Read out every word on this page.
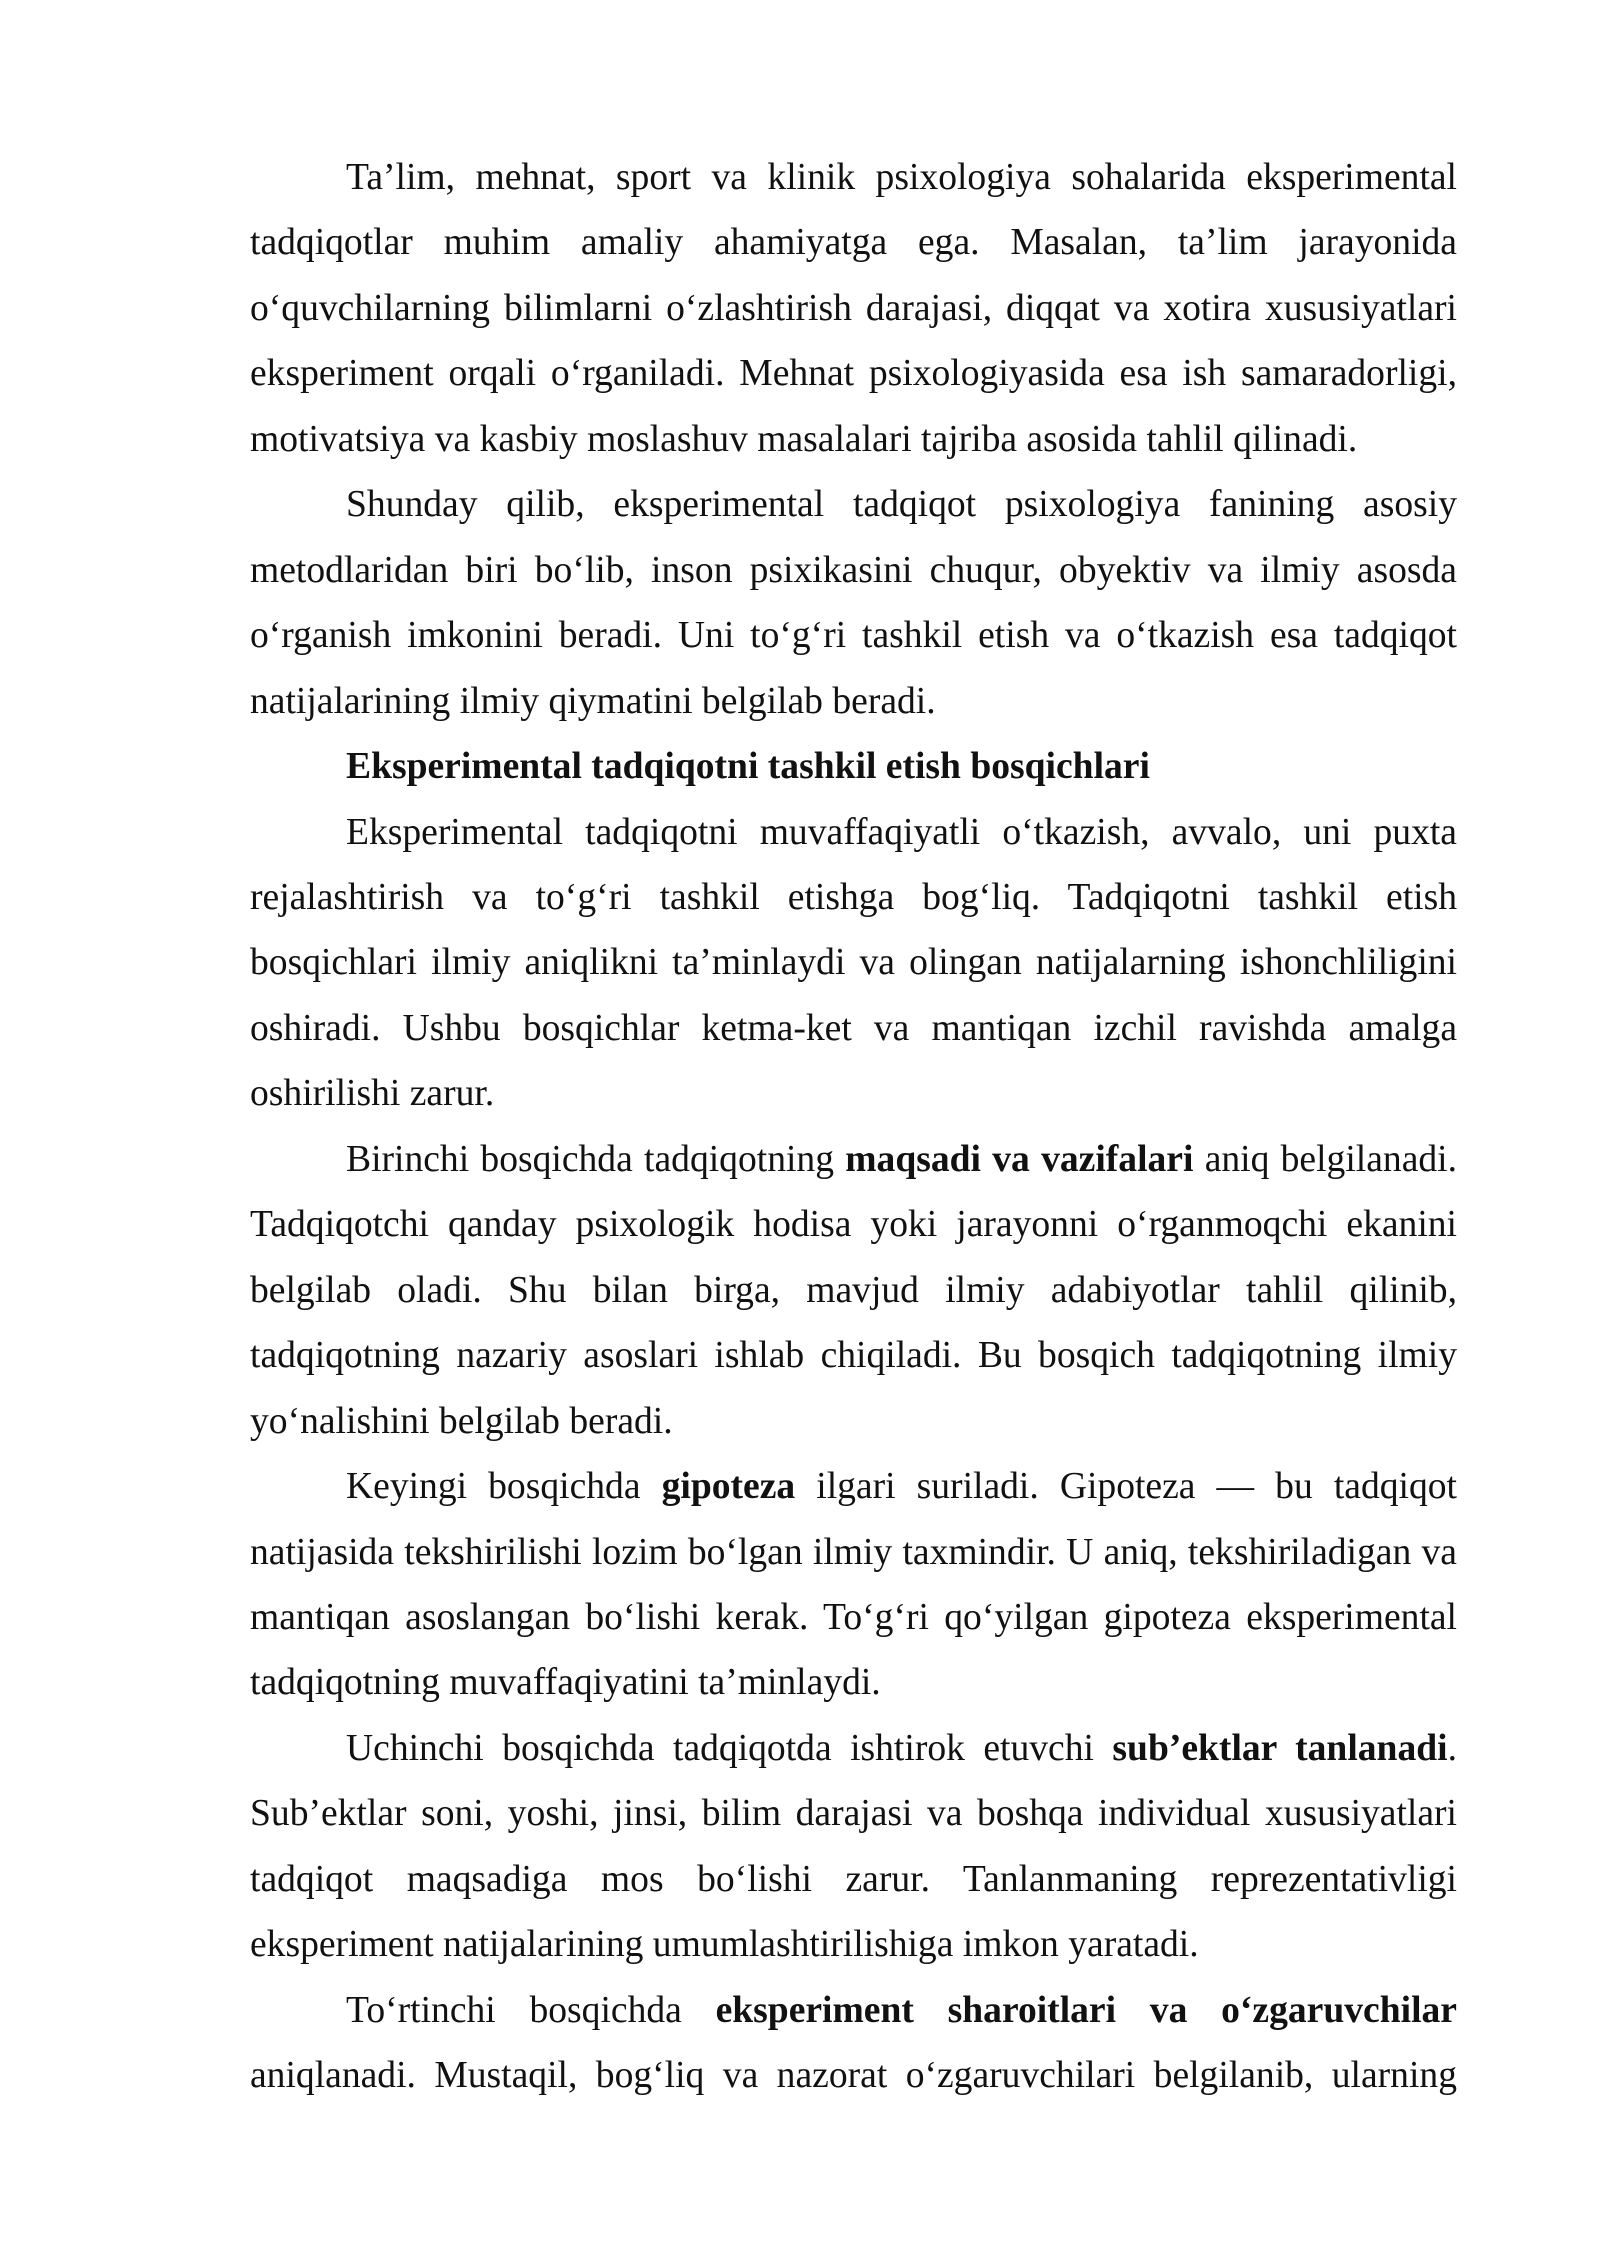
Ta’lim, mehnat, sport va klinik psixologiya sohalarida eksperimental
tadqiqotlar muhim amaliy ahamiyatga ega. Masalan, ta’lim jarayonida
o‘quvchilarning bilimlarni o‘zlashtirish darajasi, diqqat va xotira xususiyatlari
eksperiment orqali o‘rganiladi. Mehnat psixologiyasida esa ish samaradorligi,
motivatsiya va kasbiy moslashuv masalalari tajriba asosida tahlil qilinadi.
Shunday qilib, eksperimental tadqiqot psixologiya fanining asosiy
metodlaridan biri bo‘lib, inson psixikasini chuqur, obyektiv va ilmiy asosda
o‘rganish imkonini beradi. Uni to‘g‘ri tashkil etish va o‘tkazish esa tadqiqot
natijalarining ilmiy qiymatini belgilab beradi.
Eksperimental tadqiqotni tashkil etish bosqichlari
Eksperimental tadqiqotni muvaffaqiyatli o‘tkazish, avvalo, uni puxta
rejalashtirish va to‘g‘ri tashkil etishga bog‘liq. Tadqiqotni tashkil etish
bosqichlari ilmiy aniqlikni ta’minlaydi va olingan natijalarning ishonchliligini
oshiradi. Ushbu bosqichlar ketma-ket va mantiqan izchil ravishda amalga
oshirilishi zarur.
Birinchi bosqichda tadqiqotning maqsadi va vazifalari aniq belgilanadi.
Tadqiqotchi qanday psixologik hodisa yoki jarayonni o‘rganmoqchi ekanini
belgilab oladi. Shu bilan birga, mavjud ilmiy adabiyotlar tahlil qilinib,
tadqiqotning nazariy asoslari ishlab chiqiladi. Bu bosqich tadqiqotning ilmiy
yo‘nalishini belgilab beradi.
Keyingi bosqichda gipoteza ilgari suriladi. Gipoteza — bu tadqiqot
natijasida tekshirilishi lozim bo‘lgan ilmiy taxmindir. U aniq, tekshiriladigan va
mantiqan asoslangan bo‘lishi kerak. To‘g‘ri qo‘yilgan gipoteza eksperimental
tadqiqotning muvaffaqiyatini ta’minlaydi.
Uchinchi bosqichda tadqiqotda ishtirok etuvchi sub’ektlar tanlanadi.
Sub’ektlar soni, yoshi, jinsi, bilim darajasi va boshqa individual xususiyatlari
tadqiqot maqsadiga mos bo‘lishi zarur. Tanlanmaning reprezentativligi
eksperiment natijalarining umumlashtirilishiga imkon yaratadi.
To‘rtinchi bosqichda eksperiment sharoitlari va o‘zgaruvchilar
aniqlanadi. Mustaqil, bog‘liq va nazorat o‘zgaruvchilari belgilanib, ularning
